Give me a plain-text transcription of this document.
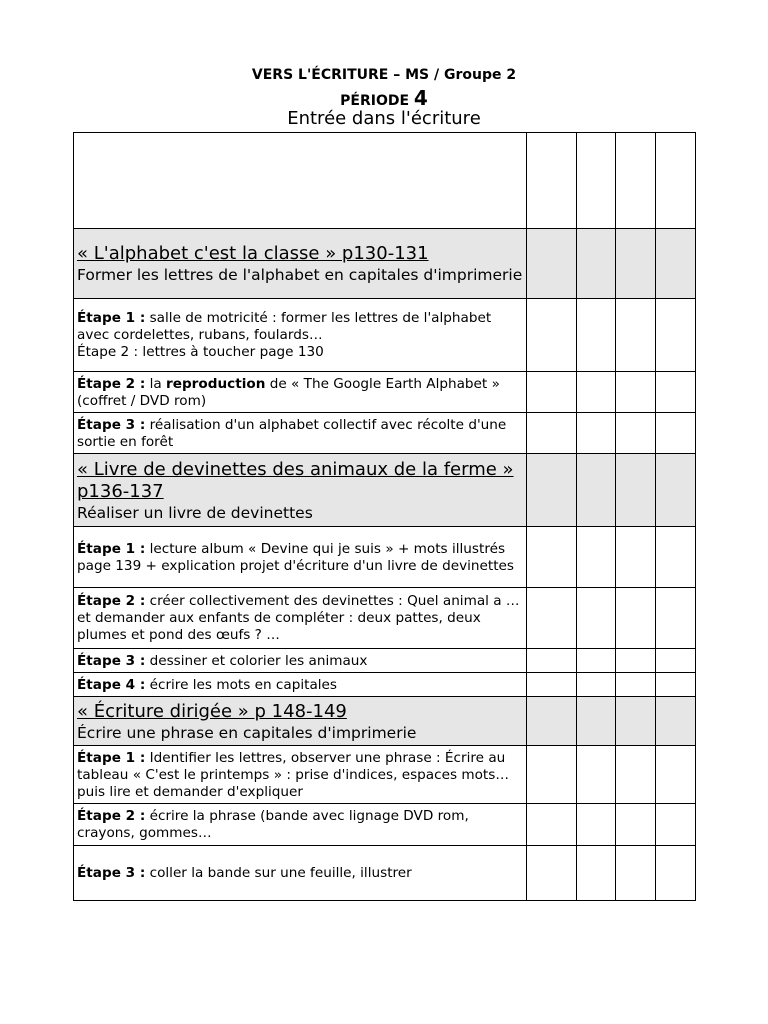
VERS L'ÉCRITURE – MS / Groupe 2
PÉRIODE 4
Entrée dans l'écriture

« L'alphabet c'est la classe » p130-131
Former les lettres de l'alphabet en capitales d'imprimerie				

Étape 1 : salle de motricité : former les lettres de l'alphabet avec cordelettes, rubans, foulards…
Étape 2 : lettres à toucher page 130				
Étape 2 : la reproduction de « The Google Earth Alphabet » (coffret / DVD rom)				
Étape 3 : réalisation d'un alphabet collectif avec récolte d'une sortie en forêt				

« Livre de devinettes des animaux de la ferme » p136-137
Réaliser un livre de devinettes				

Étape 1 : lecture album « Devine qui je suis » + mots illustrés page 139 + explication projet d'écriture d'un livre de devinettes				
Étape 2 : créer collectivement des devinettes : Quel animal a … et demander aux enfants de compléter : deux pattes, deux plumes et pond des œufs ? …				
Étape 3 : dessiner et colorier les animaux				
Étape 4 : écrire les mots en capitales				

« Écriture dirigée » p 148-149
Écrire une phrase en capitales d'imprimerie				

Étape 1 : Identifier les lettres, observer une phrase : Écrire au tableau « C'est le printemps » : prise d'indices, espaces mots… puis lire et demander d'expliquer				
Étape 2 : écrire la phrase (bande avec lignage DVD rom, crayons, gommes…				
Étape 3 : coller la bande sur une feuille, illustrer				
